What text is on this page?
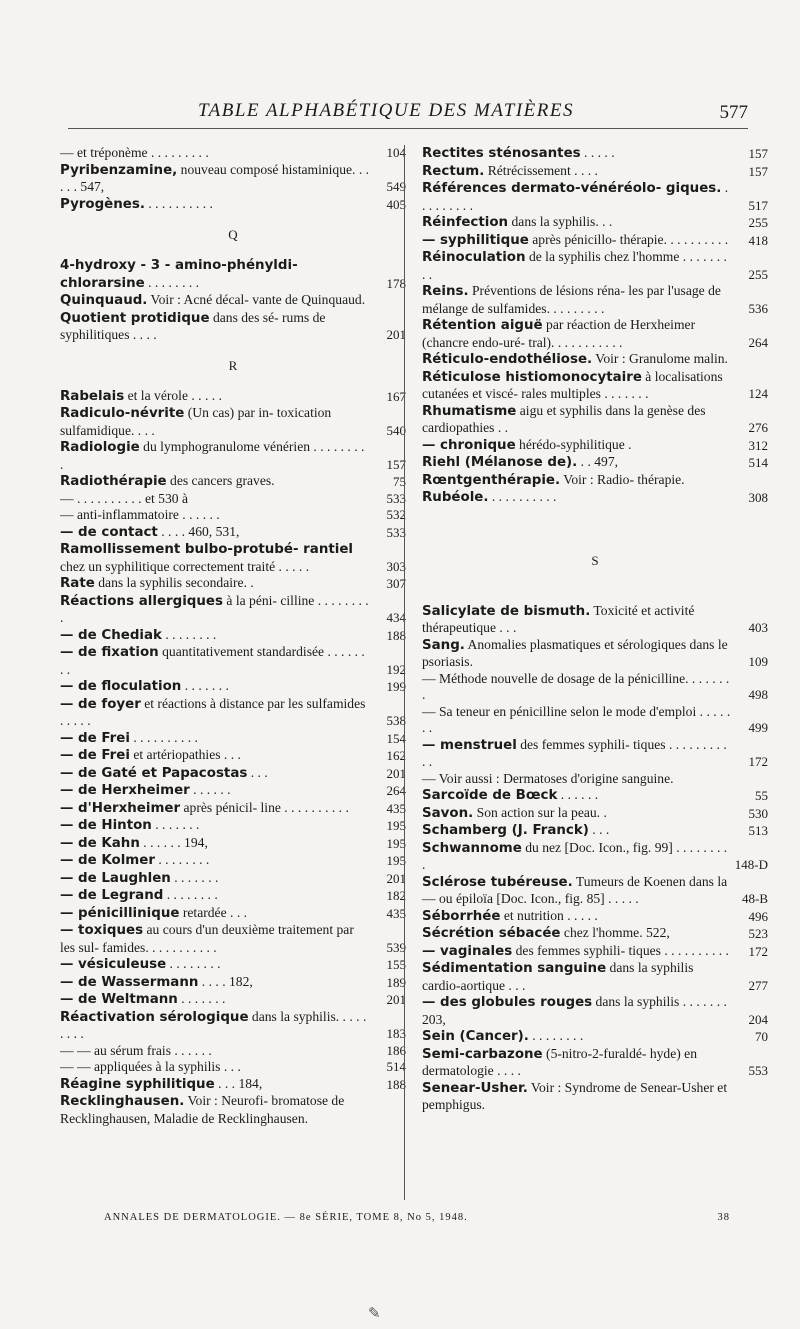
TABLE ALPHABÉTIQUE DES MATIÈRES	577
— et tréponème . . . . . . . . .	104
Pyribenzamine, nouveau composé histaminique. . . . . . 547,	549
Pyrogènes. . . . . . . . . . .	405
Q
4-hydroxy - 3 - amino-phényldi- chlorarsine . . . . . . . .	178
Quinquaud. Voir : Acné décal- vante de Quinquaud.
Quotient protidique dans des sé- rums de syphilitiques . . . .	201
R
Rabelais et la vérole . . . . .	167
Radiculo-névrite (Un cas) par in- toxication sulfamidique. . . .	540
Radiologie du lymphogranulome vénérien . . . . . . . . .	157
Radiothérapie des cancers graves.	75
— . . . . . . . . . . et 530 à	533
— anti-inflammatoire . . . . . .	532
— de contact . . . . 460, 531,	533
Ramollissement bulbo-protubé- rantiel chez un syphilitique correctement traité . . . . .	303
Rate dans la syphilis secondaire. .	307
Réactions allergiques à la péni- cilline . . . . . . . . .	434
— de Chediak . . . . . . . .	188
— de fixation quantitativement standardisée . . . . . . . .	192
— de floculation . . . . . . .	199
— de foyer et réactions à distance par les sulfamides . . . . .	538
— de Frei . . . . . . . . . .	154
— de Frei et artériopathies . . .	162
— de Gaté et Papacostas . . .	201
— de Herxheimer . . . . . .	264
— d'Herxheimer après pénicil- line . . . . . . . . . .	435
— de Hinton . . . . . . .	195
— de Kahn . . . . . . 194,	195
— de Kolmer . . . . . . . .	195
— de Laughlen . . . . . . .	201
— de Legrand . . . . . . . .	182
— pénicillinique retardée . . .	435
— toxiques au cours d'un deuxième traitement par les sul- famides. . . . . . . . . . .	539
— vésiculeuse . . . . . . . .	155
— de Wassermann . . . . 182,	189
— de Weltmann . . . . . . .	201
Réactivation sérologique dans la syphilis. . . . . . . . .	183
— — au sérum frais . . . . . .	186
— — appliquées à la syphilis . . .	514
Réagine syphilitique . . . 184,	188
Recklinghausen. Voir : Neurofi- bromatose de Recklinghausen, Maladie de Recklinghausen.
Rectites sténosantes . . . . .	157
Rectum. Rétrécissement . . . .	157
Références dermato-vénéréolo- giques. . . . . . . . . .	517
Réinfection dans la syphilis. . .	255
— syphilitique après pénicillo- thérapie. . . . . . . . . . 418
Réinoculation de la syphilis chez l'homme . . . . . . . . .	255
Reins. Préventions de lésions réna- les par l'usage de mélange de sulfamides. . . . . . . . .	536
Rétention aiguë par réaction de Herxheimer (chancre endo-uré- tral). . . . . . . . . . .	264
Réticulo-endothéliose. Voir : Granulome malin.
Réticulose histiomonocytaire à localisations cutanées et viscé- rales multiples . . . . . . .	124
Rhumatisme aigu et syphilis dans la genèse des cardiopathies . .	276
— chronique hérédo-syphilitique .	312
Riehl (Mélanose de). . . 497,	514
Rœntgenthérapie. Voir : Radio- thérapie.
Rubéole. . . . . . . . . . .	308
S
Salicylate de bismuth. Toxicité et activité thérapeutique . . .	403
Sang. Anomalies plasmatiques et sérologiques dans le psoriasis.	109
— Méthode nouvelle de dosage de la pénicilline. . . . . . . .	498
— Sa teneur en pénicilline selon le mode d'emploi . . . . . . .	499
— menstruel des femmes syphili- tiques . . . . . . . . . . .	172
— Voir aussi : Dermatoses d'origine sanguine.
Sarcoïde de Bœck . . . . . .	55
Savon. Son action sur la peau. .	530
Schamberg (J. Franck) . . .	513
Schwannome du nez [Doc. Icon., fig. 99] . . . . . . . . .	148-D
Sclérose tubéreuse. Tumeurs de Koenen dans la — ou épiloïa [Doc. Icon., fig. 85] . . . . .	48-B
Séborrhée et nutrition . . . . .	496
Sécrétion sébacée chez l'homme. 522,	523
— vaginales des femmes syphili- tiques . . . . . . . . . . 172
Sédimentation sanguine dans la syphilis cardio-aortique . . .	277
— des globules rouges dans la syphilis . . . . . . . 203,	204
Sein (Cancer). . . . . . . . .	70
Semi-carbazone (5-nitro-2-furaldé- hyde) en dermatologie . . . .	553
Senear-Usher. Voir : Syndrome de Senear-Usher et pemphigus.
ANNALES DE DERMATOLOGIE. — 8e SÉRIE, TOME 8, No 5, 1948.	38
✎
